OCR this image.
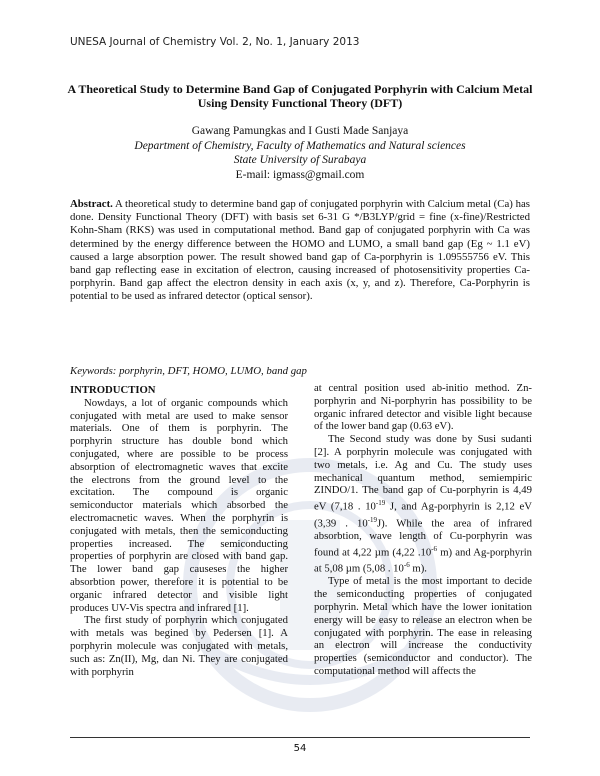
UNESA Journal of Chemistry Vol. 2, No. 1, January 2013
A Theoretical Study to Determine Band Gap of Conjugated Porphyrin with Calcium Metal
Using Density Functional Theory (DFT)
Gawang Pamungkas and I Gusti Made Sanjaya
Department of Chemistry, Faculty of Mathematics and Natural sciences
State University of Surabaya
E-mail: igmass@gmail.com
Abstract. A theoretical study to determine band gap of conjugated porphyrin with Calcium metal (Ca) has done. Density Functional Theory (DFT) with basis set 6-31 G */B3LYP/grid = fine (x-fine)/Restricted Kohn-Sham (RKS) was used in computational method. Band gap of conjugated porphyrin with Ca was determined by the energy difference between the HOMO and LUMO, a small band gap (Eg ~ 1.1 eV) caused a large absorption power. The result showed band gap of Ca-porphyrin is 1.09555756 eV. This band gap reflecting ease in excitation of electron, causing increased of photosensitivity properties Ca-porphyrin. Band gap affect the electron density in each axis (x, y, and z). Therefore, Ca-Porphyrin is potential to be used as infrared detector (optical sensor).
Keywords: porphyrin, DFT, HOMO, LUMO, band gap
INTRODUCTION

Nowdays, a lot of organic compounds which conjugated with metal are used to make sensor materials. One of them is porphyrin. The porphyrin structure has double bond which conjugated, where are possible to be process absorption of electromagnetic waves that excite the electrons from the ground level to the excitation. The compound is organic semiconductor materials which absorbed the electromacnetic waves. When the porphyrin is conjugated with metals, then the semiconducting properties increased. The semiconducting properties of porphyrin are closed with band gap. The lower band gap causeses the higher absorbtion power, therefore it is potential to be organic infrared detector and visible light produces UV-Vis spectra and infrared [1].

The first study of porphyrin which conjugated with metals was begined by Pedersen [1]. A porphyrin molecule was conjugated with metals, such as: Zn(II), Mg, dan Ni. They are conjugated with porphyrin

at central position used ab-initio method. Zn-porphyrin and Ni-porphyrin has possibility to be organic infrared detector and visible light because of the lower band gap (0.63 eV).

The Second study was done by Susi sudanti [2]. A porphyrin molecule was conjugated with two metals, i.e. Ag and Cu. The study uses mechanical quantum method, semiempiric ZINDO/1. The band gap of Cu-porphyrin is 4,49 eV (7,18 . $10^{-19}$ J, and Ag-porphyrin is 2,12 eV (3,39 . $10^{-19}J$). While the area of infrared absorbtion, wave length of Cu-porphyrin was found at 4,22 µm (4,22 $.10^{-6}$ m) and Ag-porphyrin at 5,08 µm (5,08 . $10^{-6}$ m).

Type of metal is the most important to decide the semiconducting properties of conjugated porphyrin. Metal which have the lower ionitation energy will be easy to release an electron when be conjugated with porphyrin. The ease in releasing an electron will increase the conductivity properties (semiconductor and conductor). The computational method will affects the

54
